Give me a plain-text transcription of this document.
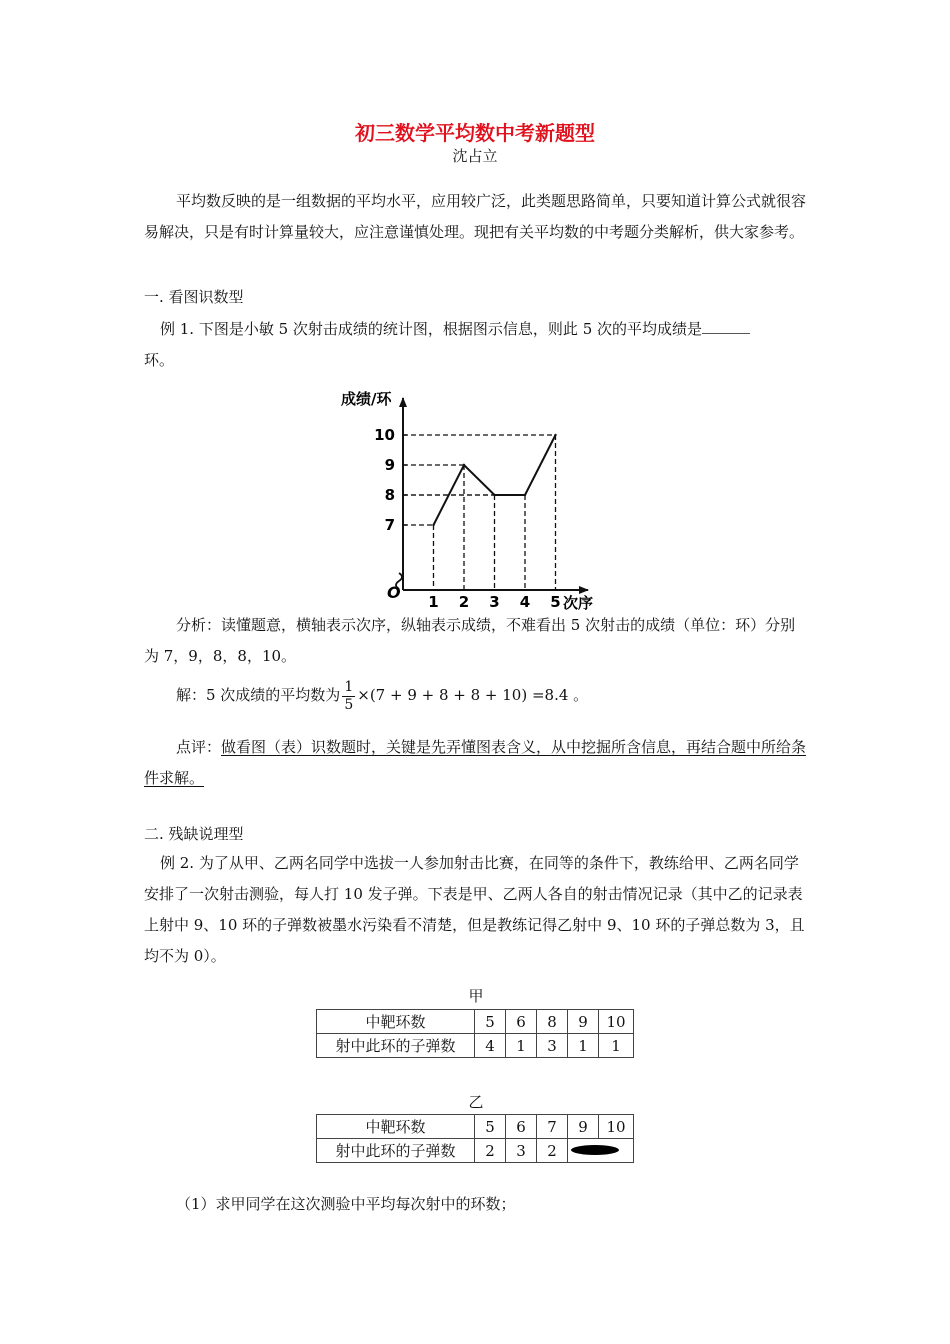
初三数学平均数中考新题型
沈占立
平均数反映的是一组数据的平均水平，应用较广泛，此类题思路简单，只要知道计算公式就很容易解决，只是有时计算量较大，应注意谨慎处理。现把有关平均数的中考题分类解析，供大家参考。
一. 看图识数型
例 1. 下图是小敏 5 次射击成绩的统计图，根据图示信息，则此 5 次的平均成绩是
环。
成绩/环
次序
O
7
8
9
10
1 2 3 4 5
分析：读懂题意，横轴表示次序，纵轴表示成绩，不难看出 5 次射击的成绩（单位：环）分别为 7，9，8，8，10。
解：5 次成绩的平均数为 $\frac{1}{5} \times(7 + 9 + 8 + 8 + 10) =8.4$ 。
点评：做看图（表）识数题时，关键是先弄懂图表含义，从中挖掘所含信息，再结合题中所给条件求解。
二. 残缺说理型
例 2. 为了从甲、乙两名同学中选拔一人参加射击比赛，在同等的条件下，教练给甲、乙两名同学安排了一次射击测验，每人打 10 发子弹。下表是甲、乙两人各自的射击情况记录（其中乙的记录表上射中 9、10 环的子弹数被墨水污染看不清楚，但是教练记得乙射中 9、10 环的子弹总数为 3，且均不为 0）。
甲
中靶环数	5	6	8	9	10
射中此环的子弹数	4	1	3	1	1
乙
中靶环数	5	6	7	9	10
射中此环的子弹数	2	3	2	
（1）求甲同学在这次测验中平均每次射中的环数；
